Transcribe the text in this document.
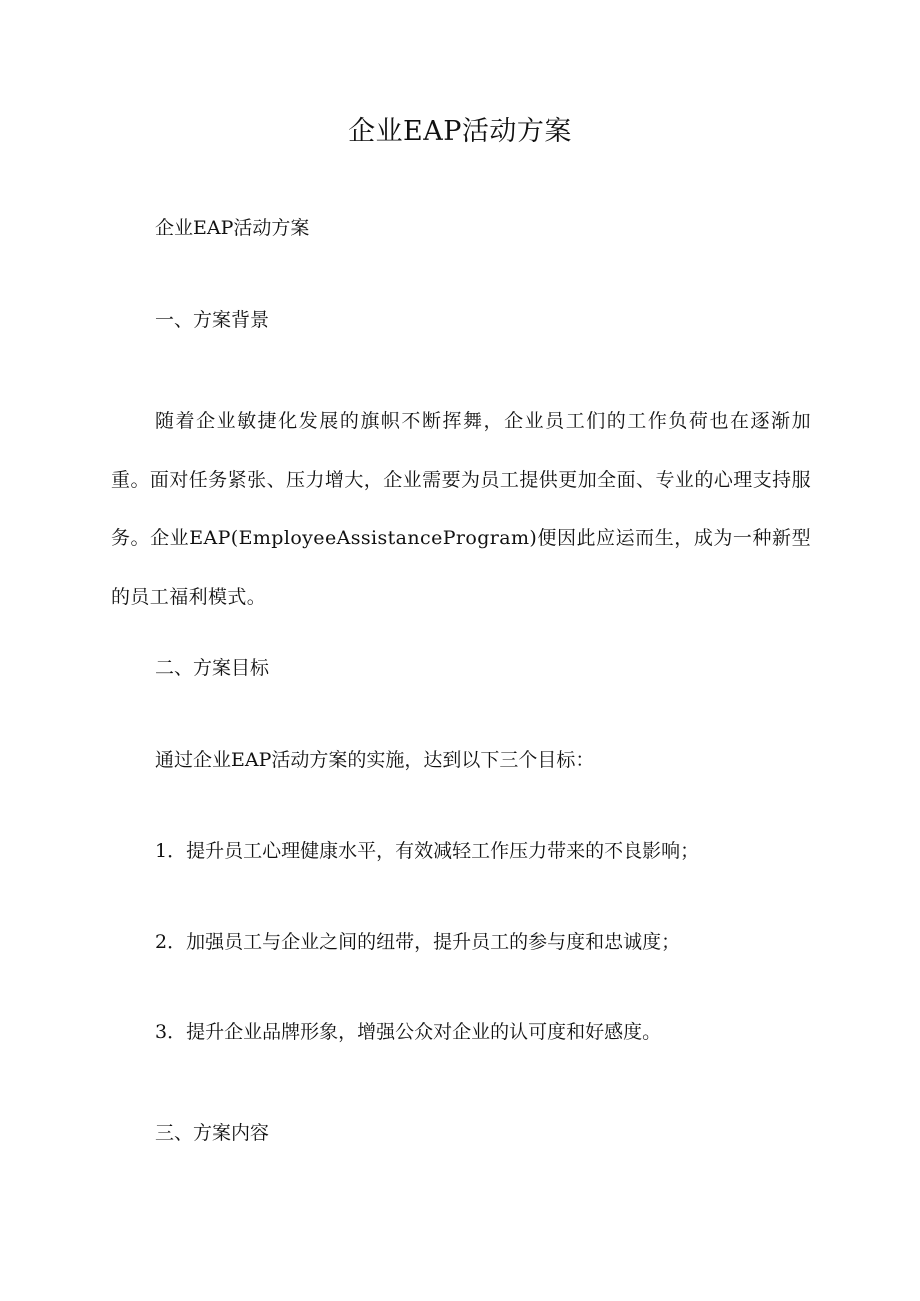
企业EAP活动方案
企业EAP活动方案
一、方案背景
随着企业敏捷化发展的旗帜不断挥舞，企业员工们的工作负荷也在逐渐加重。面对任务紧张、压力增大，企业需要为员工提供更加全面、专业的心理支持服务。企业EAP(EmployeeAssistanceProgram)便因此应运而生，成为一种新型的员工福利模式。
二、方案目标
通过企业EAP活动方案的实施，达到以下三个目标：
1．提升员工心理健康水平，有效减轻工作压力带来的不良影响；
2．加强员工与企业之间的纽带，提升员工的参与度和忠诚度；
3．提升企业品牌形象，增强公众对企业的认可度和好感度。
三、方案内容
